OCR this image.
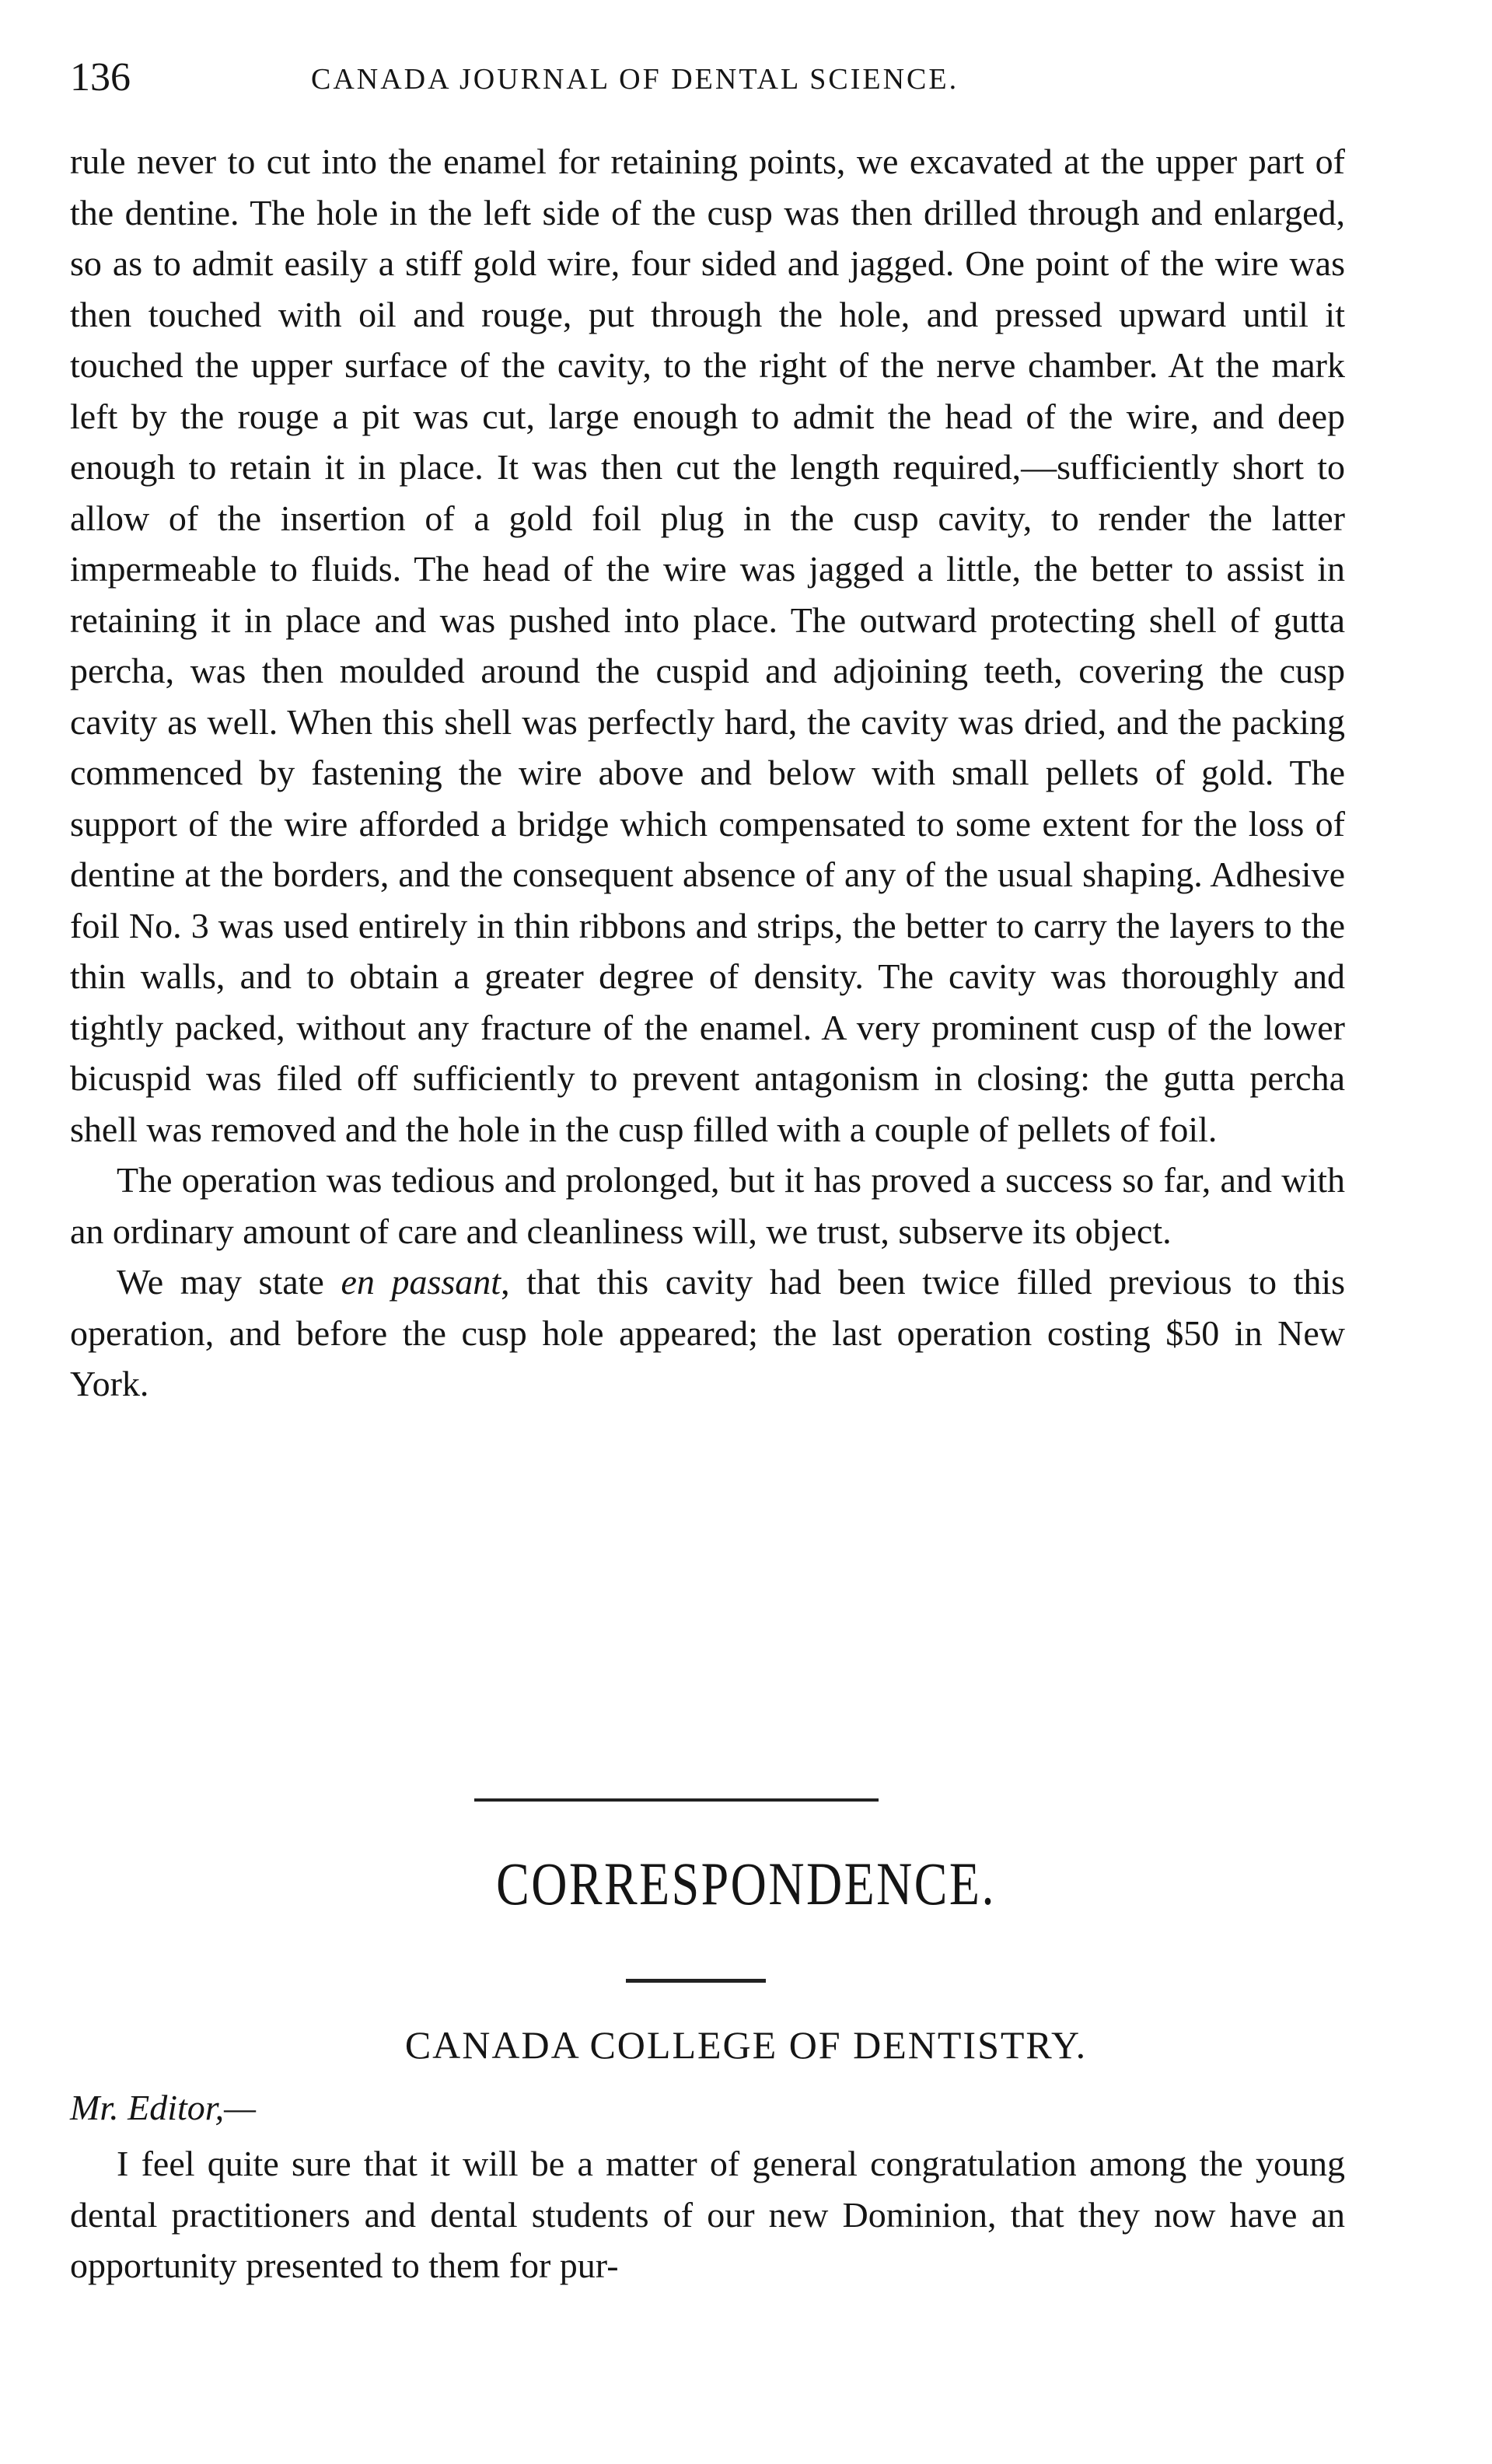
136	CANADA JOURNAL OF DENTAL SCIENCE.

rule never to cut into the enamel for retaining points, we excavated at the upper part of the dentine. The hole in the left side of the cusp was then drilled through and enlarged, so as to admit easily a stiff gold wire, four sided and jagged. One point of the wire was then touched with oil and rouge, put through the hole, and pressed upward until it touched the upper surface of the cavity, to the right of the nerve chamber. At the mark left by the rouge a pit was cut, large enough to admit the head of the wire, and deep enough to retain it in place. It was then cut the length required,—sufficiently short to allow of the insertion of a gold foil plug in the cusp cavity, to render the latter impermeable to fluids. The head of the wire was jagged a little, the better to assist in retaining it in place and was pushed into place. The outward protecting shell of gutta percha, was then moulded around the cuspid and adjoining teeth, covering the cusp cavity as well. When this shell was perfectly hard, the cavity was dried, and the packing commenced by fastening the wire above and below with small pellets of gold. The support of the wire afforded a bridge which compensated to some extent for the loss of dentine at the borders, and the consequent absence of any of the usual shaping. Adhesive foil No. 3 was used entirely in thin ribbons and strips, the better to carry the layers to the thin walls, and to obtain a greater degree of density. The cavity was thoroughly and tightly packed, without any fracture of the enamel. A very prominent cusp of the lower bicuspid was filed off sufficiently to prevent antagonism in closing: the gutta percha shell was removed and the hole in the cusp filled with a couple of pellets of foil.

The operation was tedious and prolonged, but it has proved a success so far, and with an ordinary amount of care and cleanliness will, we trust, subserve its object.

We may state en passant, that this cavity had been twice filled previous to this operation, and before the cusp hole appeared; the last operation costing $50 in New York.

CORRESPONDENCE.
CANADA COLLEGE OF DENTISTRY.
Mr. Editor,—

I feel quite sure that it will be a matter of general congratulation among the young dental practitioners and dental students of our new Dominion, that they now have an opportunity presented to them for pur-
